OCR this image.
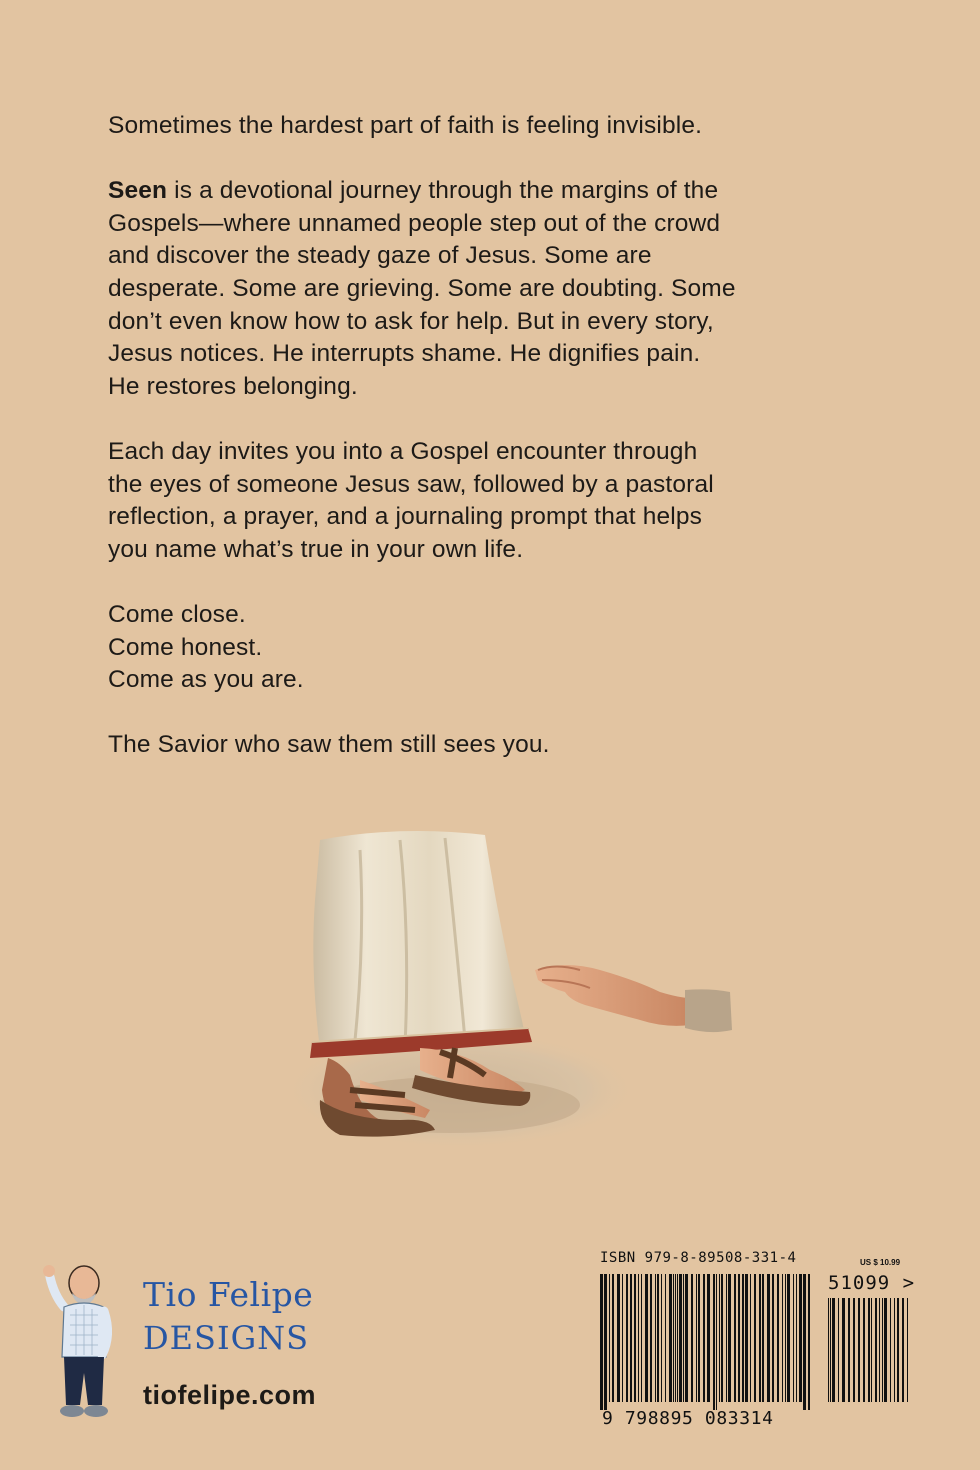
Sometimes the hardest part of faith is feeling invisible.

Seen is a devotional journey through the margins of the
Gospels—where unnamed people step out of the crowd
and discover the steady gaze of Jesus. Some are
desperate. Some are grieving. Some are doubting. Some
don’t even know how to ask for help. But in every story,
Jesus notices. He interrupts shame. He dignifies pain.
He restores belonging.

Each day invites you into a Gospel encounter through
the eyes of someone Jesus saw, followed by a pastoral
reflection, a prayer, and a journaling prompt that helps
you name what’s true in your own life.

Come close.

Come honest.

Come as you are.

The Savior who saw them still sees you.

Tio Felipe
DESIGNS
tiofelipe.com
ISBN 979-8-89508-331-4	US $ 10.99
51099 >
9 798895 083314
